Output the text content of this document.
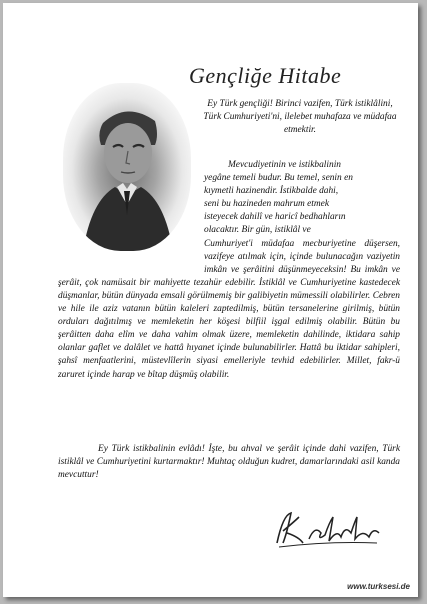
Gençliğe Hitabe
Ey Türk gençliği! Birinci vazifen, Türk istiklâlini, Türk Cumhuriyeti'ni, ilelebet muhafaza ve müdafaa etmektir.
Mevcudiyetinin ve istikbalinin
yegâne temeli budur. Bu temel, senin en
kıymetli hazinendir. İstikbalde dahi,
seni bu hazineden mahrum etmek
isteyecek dahilî ve haricî bedhahların
olacaktır. Bir gün, istiklâl ve
Cumhuriyet'i müdafaa mecburiyetine düşersen, vazifeye atılmak için, içinde bulunacağın vaziyetin imkân ve şerâitini düşünmeyeceksin! Bu imkân ve şerâit, çok namüsait bir mahiyette tezahür edebilir. İstiklâl ve Cumhuriyetine kastedecek düşmanlar, bütün dünyada emsali görülmemiş bir galibiyetin mümessili olabilirler. Cebren ve hile ile aziz vatanın bütün kaleleri zaptedilmiş, bütün tersanelerine girilmiş, bütün orduları dağıtılmış ve memleketin her köşesi bilfiil işgal edilmiş olabilir. Bütün bu şerâitten daha elîm ve daha vahim olmak üzere, memleketin dahilinde, iktidara sahip olanlar gaflet ve dalâlet ve hattâ hıyanet içinde bulunabilirler. Hattâ bu iktidar sahipleri, şahsî menfaatlerini, müstevlîlerin siyasi emelleriyle tevhid edebilirler. Millet, fakr-ü zaruret içinde harap ve bîtap düşmüş olabilir.
Ey Türk istikbalinin evlâdı! İşte, bu ahval ve şerâit içinde dahi vazifen, Türk istiklâl ve Cumhuriyetini kurtarmaktır! Muhtaç olduğun kudret, damarlarındaki asil kanda mevcuttur!
www.turksesi.de
